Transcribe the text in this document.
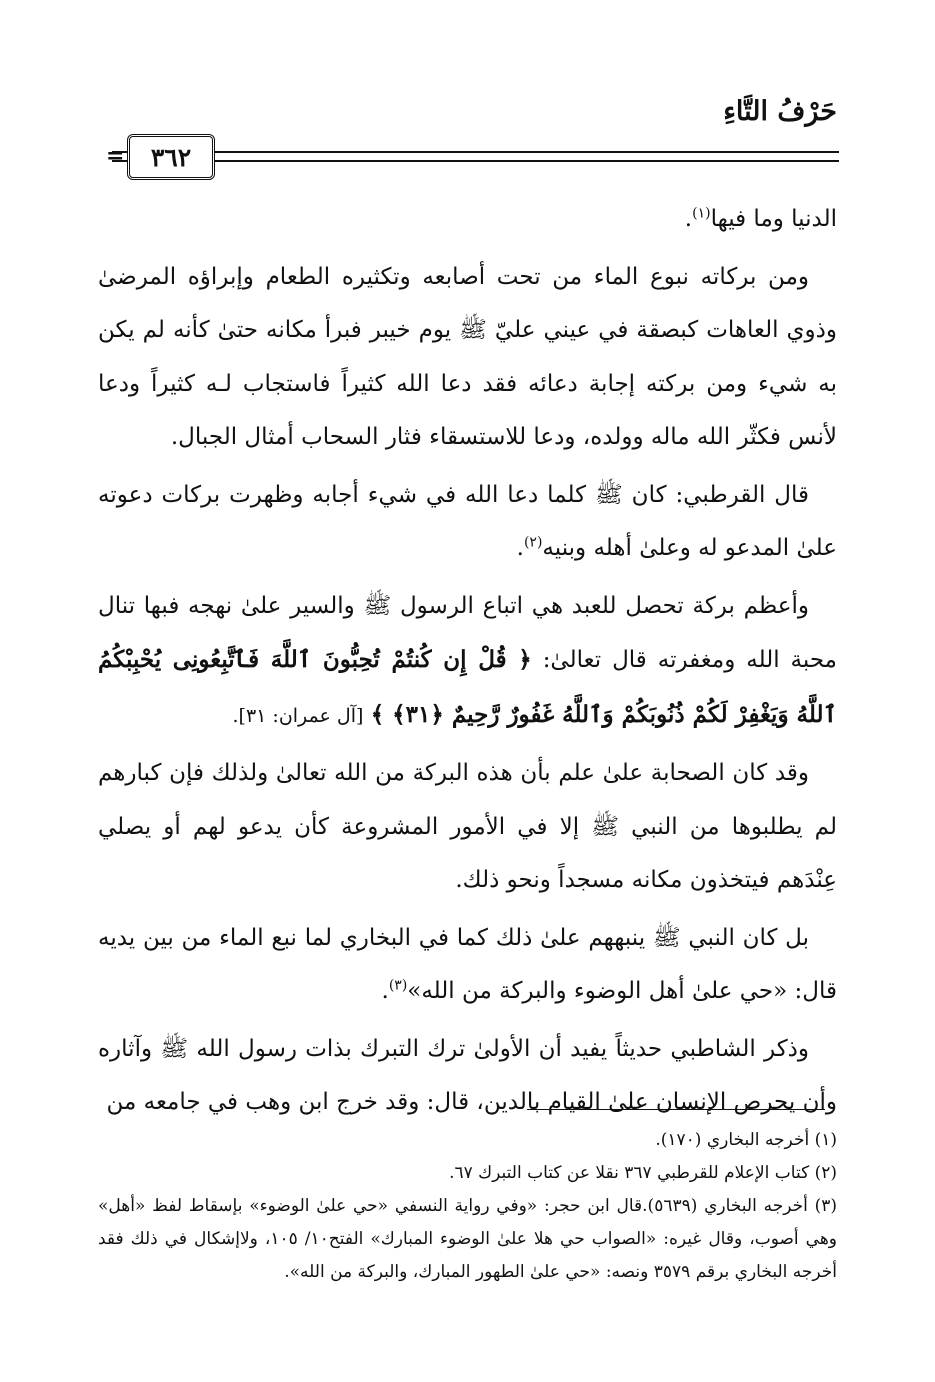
حَرْفُ التَّاءِ
٣٦٢
=

الدنيا وما فيها$^{(١)}$.

ومن بركاته نبوع الماء من تحت أصابعه وتكثيره الطعام وإبراؤه المرضىٰ وذوي العاهات كبصقة في عيني عليّ ﷺ يوم خيبر فبرأ مكانه حتىٰ كأنه لم يكن به شيء ومن بركته إجابة دعائه فقد دعا الله كثيراً فاستجاب لـه كثيراً ودعا لأنس فكثّر الله ماله وولده، ودعا للاستسقاء فثار السحاب أمثال الجبال.

قال القرطبي: كان ﷺ كلما دعا الله في شيء أجابه وظهرت بركات دعوته علىٰ المدعو له وعلىٰ أهله وبنيه$^{(٢)}$.

وأعظم بركة تحصل للعبد هي اتباع الرسول ﷺ والسير علىٰ نهجه فبها تنال محبة الله ومغفرته قال تعالىٰ: ﴿ قُلْ إِن كُنتُمْ تُحِبُّونَ ٱللَّهَ فَٱتَّبِعُونِى يُحْبِبْكُمُ ٱللَّهُ وَيَغْفِرْ لَكُمْ ذُنُوبَكُمْ وَٱللَّهُ غَفُورٌ رَّحِيمٌ ﴿٣١﴾ ﴾ [آل عمران: ٣١].

وقد كان الصحابة علىٰ علم بأن هذه البركة من الله تعالىٰ ولذلك فإن كبارهم لم يطلبوها من النبي ﷺ إلا في الأمور المشروعة كأن يدعو لهم أو يصلي عِنْدَهم فيتخذون مكانه مسجداً ونحو ذلك.

بل كان النبي ﷺ ينبههم علىٰ ذلك كما في البخاري لما نبع الماء من بين يديه قال: «حي علىٰ أهل الوضوء والبركة من الله»$^{(٣)}$.

وذكر الشاطبي حديثاً يفيد أن الأولىٰ ترك التبرك بذات رسول الله ﷺ وآثاره وأن يحرص الإنسان علىٰ القيام بالدين، قال: وقد خرج ابن وهب في جامعه من

(١) أخرجه البخاري (١٧٠).

(٢) كتاب الإعلام للقرطبي ٣٦٧ نقلا عن كتاب التبرك ٦٧.

(٣) أخرجه البخاري (٥٦٣٩).قال ابن حجر: «وفي رواية النسفي «حي علىٰ الوضوء» بإسقاط لفظ «أهل» وهي أصوب، وقال غيره: «الصواب حي هلا علىٰ الوضوء المبارك» الفتح١٠/ ١٠٥، ولاإشكال في ذلك فقد أخرجه البخاري برقم ٣٥٧٩ ونصه: «حي علىٰ الطهور المبارك، والبركة من الله».
